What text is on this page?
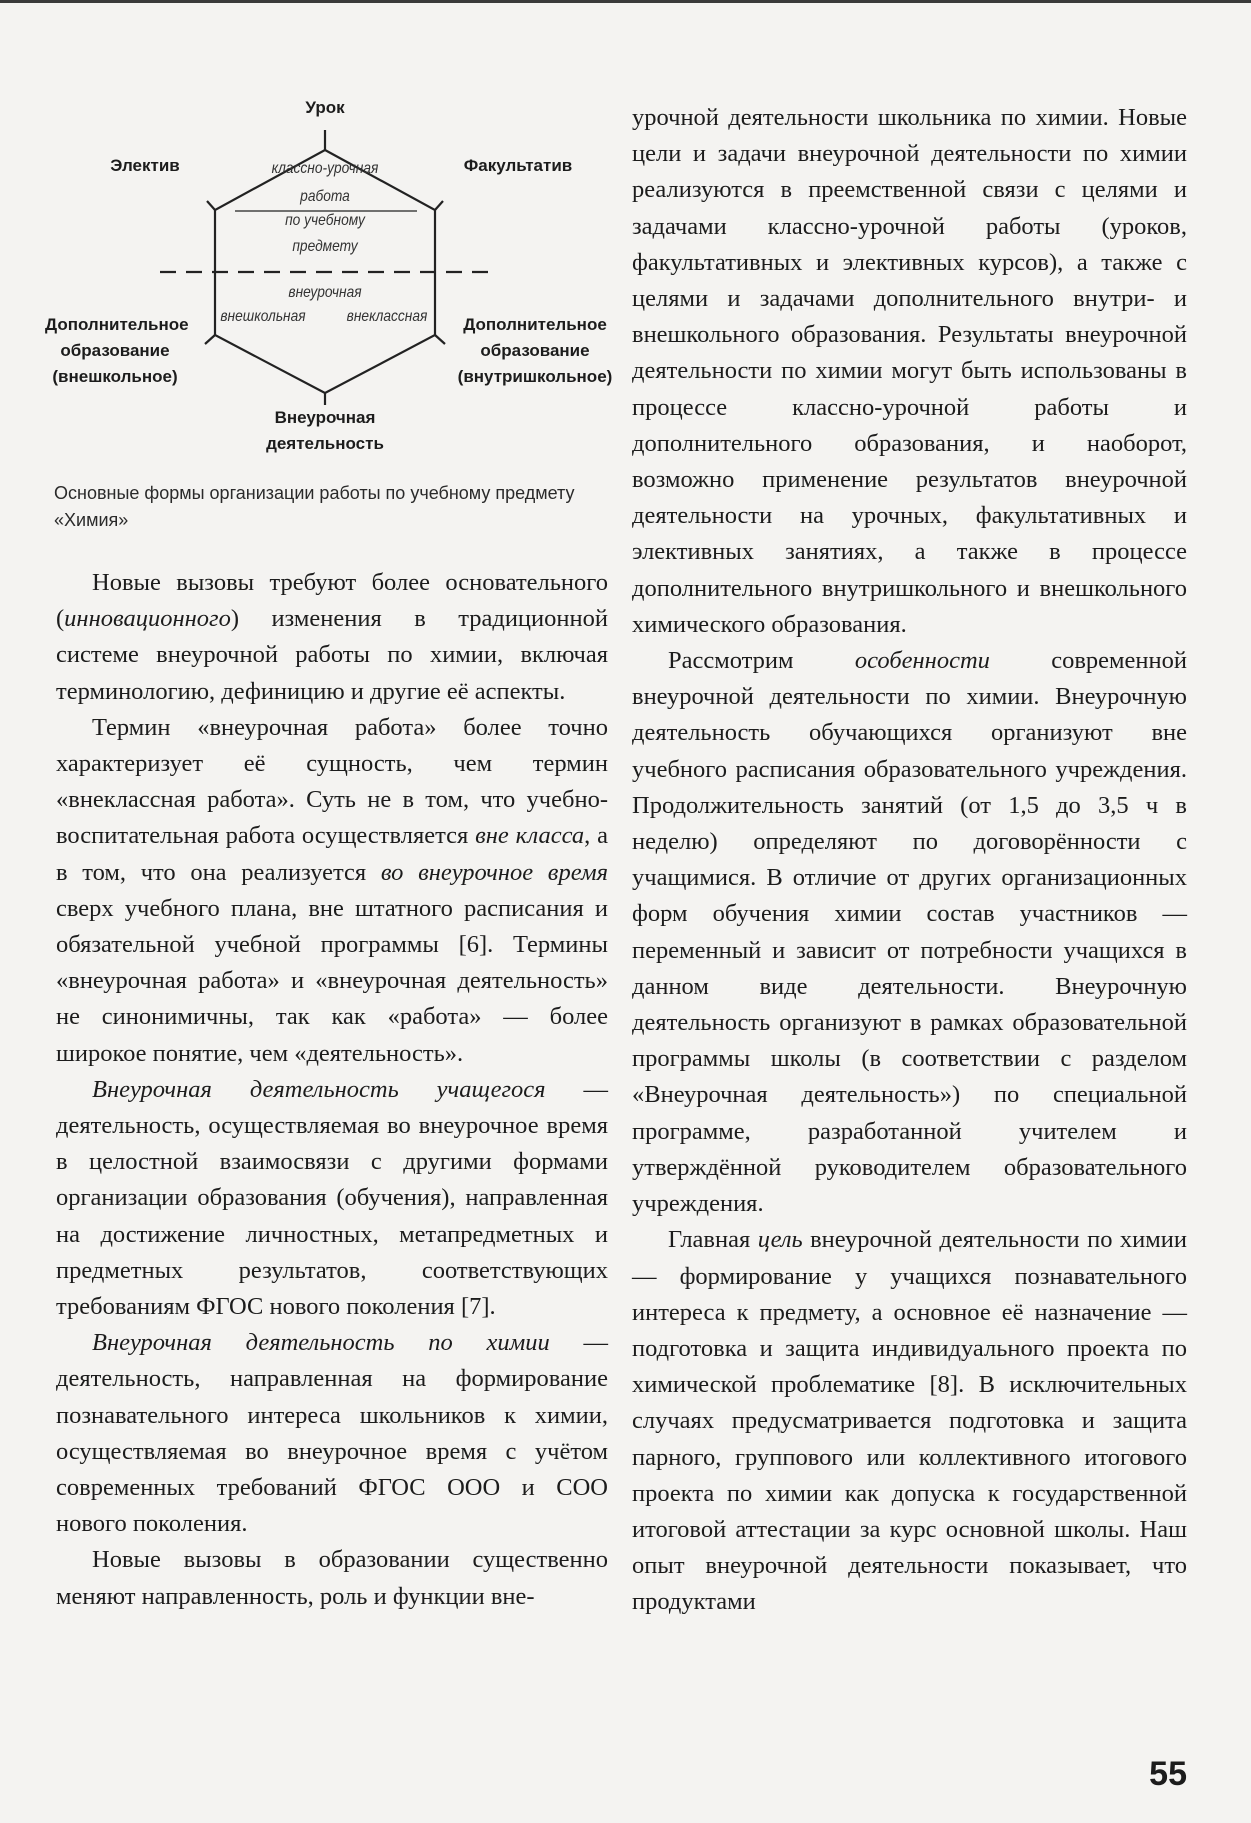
Урок
Электив	Факультатив
Дополнительное
образование
(внешкольное)
Дополнительное
образование
(внутришкольное)
Внеурочная
деятельность
классно-урочная
работа
по учебному
предмету
внеурочная
внешкольная	внеклассная
Основные формы организации работы по учебному предмету «Химия»

Новые вызовы требуют более основательного (инновационного) изменения в традиционной системе внеурочной работы по химии, включая терминологию, дефиницию и другие её аспекты.

Термин «внеурочная работа» более точно характеризует её сущность, чем термин «внеклассная работа». Суть не в том, что учебно-воспитательная работа осуществляется вне класса, а в том, что она реализуется во внеурочное время сверх учебного плана, вне штатного расписания и обязательной учебной программы [6]. Термины «внеурочная работа» и «внеурочная деятельность» не синонимичны, так как «работа» — более широкое понятие, чем «деятельность».

Внеурочная деятельность учащегося — деятельность, осуществляемая во внеурочное время в целостной взаимосвязи с другими формами организации образования (обучения), направленная на достижение личностных, метапредметных и предметных результатов, соответствующих требованиям ФГОС нового поколения [7].

Внеурочная деятельность по химии — деятельность, направленная на формирование познавательного интереса школьников к химии, осуществляемая во внеурочное время с учётом современных требований ФГОС ООО и СОО нового поколения.

Новые вызовы в образовании существенно меняют направленность, роль и функции вне-

урочной деятельности школьника по химии. Новые цели и задачи внеурочной деятельности по химии реализуются в преемственной связи с целями и задачами классно-урочной работы (уроков, факультативных и элективных курсов), а также с целями и задачами дополнительного внутри- и внешкольного образования. Результаты внеурочной деятельности по химии могут быть использованы в процессе классно-урочной работы и дополнительного образования, и наоборот, возможно применение результатов внеурочной деятельности на урочных, факультативных и элективных занятиях, а также в процессе дополнительного внутришкольного и внешкольного химического образования.

Рассмотрим особенности современной внеурочной деятельности по химии. Внеурочную деятельность обучающихся организуют вне учебного расписания образовательного учреждения. Продолжительность занятий (от 1,5 до 3,5 ч в неделю) определяют по договорённости с учащимися. В отличие от других организационных форм обучения химии состав участников — переменный и зависит от потребности учащихся в данном виде деятельности. Внеурочную деятельность организуют в рамках образовательной программы школы (в соответствии с разделом «Внеурочная деятельность») по специальной программе, разработанной учителем и утверждённой руководителем образовательного учреждения.

Главная цель внеурочной деятельности по химии — формирование у учащихся познавательного интереса к предмету, а основное её назначение — подготовка и защита индивидуального проекта по химической проблематике [8]. В исключительных случаях предусматривается подготовка и защита парного, группового или коллективного итогового проекта по химии как допуска к государственной итоговой аттестации за курс основной школы. Наш опыт внеурочной деятельности показывает, что продуктами

55
